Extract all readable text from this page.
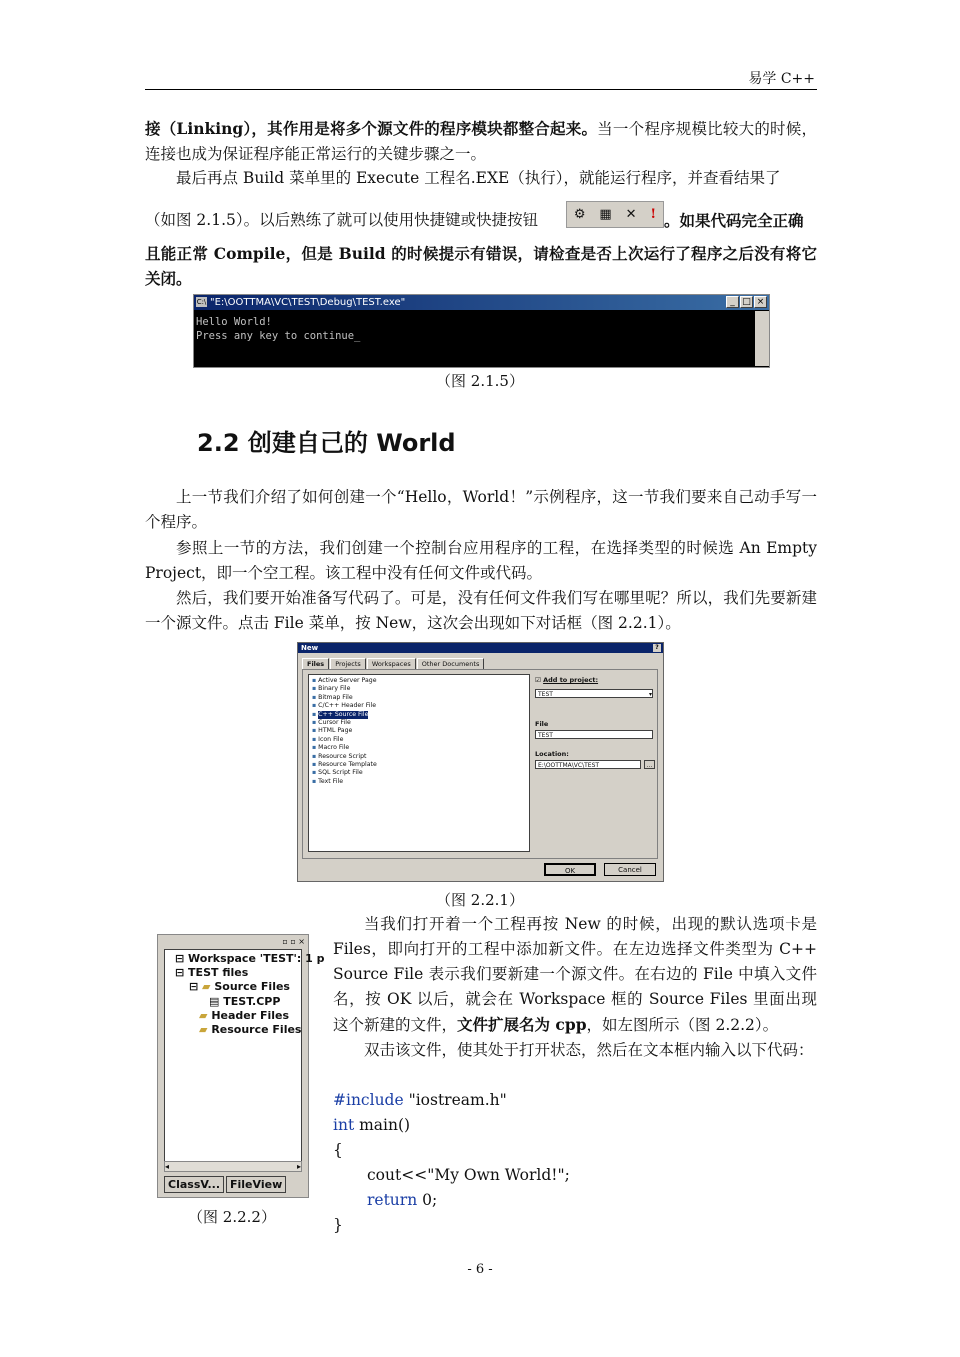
易学 C++
接（Linking），其作用是将多个源文件的程序模块都整合起来。当一个程序规模比较大的时候，连接也成为保证程序能正常运行的关键步骤之一。
最后再点 Build 菜单里的 Execute 工程名.EXE（执行），就能运行程序，并查看结果了
（如图 2.1.5）。以后熟练了就可以使用快捷键或快捷按钮	⚙ ▦ ✕ ! 。如果代码完全正确
且能正常 Compile，但是 Build 的时候提示有错误，请检查是否上次运行了程序之后没有将它关闭。
C:\ "E:\OOTTMA\VC\TEST\Debug\TEST.exe"	_ □ ×
Hello World!
Press any key to continue_
（图 2.1.5）
2.2 创建自己的 World
上一节我们介绍了如何创建一个“Hello，World！”示例程序，这一节我们要来自己动手写一个程序。
参照上一节的方法，我们创建一个控制台应用程序的工程，在选择类型的时候选 An Empty Project，即一个空工程。该工程中没有任何文件或代码。
然后，我们要开始准备写代码了。可是，没有任何文件我们写在哪里呢？所以，我们先要新建一个源文件。点击 File 菜单，按 New，这次会出现如下对话框（图 2.2.1）。
New	?
Files	Projects	Workspaces	Other Documents
▪ Active Server Page
▪ Binary File
▪ Bitmap File
▪ C/C++ Header File
▪ C++ Source File
▪ Cursor File
▪ HTML Page
▪ Icon File
▪ Macro File
▪ Resource Script
▪ Resource Template
▪ SQL Script File
▪ Text File
☑ Add to project:
TEST	▾
File
TEST
Location:
E:\OOTTMA\VC\TEST	...
OK	Cancel
（图 2.2.1）
▫ ▫ ×
⊟ Workspace 'TEST': 1 p
⊟ TEST files
⊟ ▰ Source Files
▤ TEST.CPP
▰ Header Files
▰ Resource Files
◂	▸
ClassV... FileView
（图 2.2.2）
当我们打开着一个工程再按 New 的时候，出现的默认选项卡是 Files，即向打开的工程中添加新文件。在左边选择文件类型为 C++ Source File 表示我们要新建一个源文件。在右边的 File 中填入文件名，按 OK 以后，就会在 Workspace 框的 Source Files 里面出现这个新建的文件，文件扩展名为 cpp，如左图所示（图 2.2.2）。
双击该文件，使其处于打开状态，然后在文本框内输入以下代码：
#include "iostream.h"
int main()
{
cout<<"My Own World!";
return 0;
}
- 6 -
